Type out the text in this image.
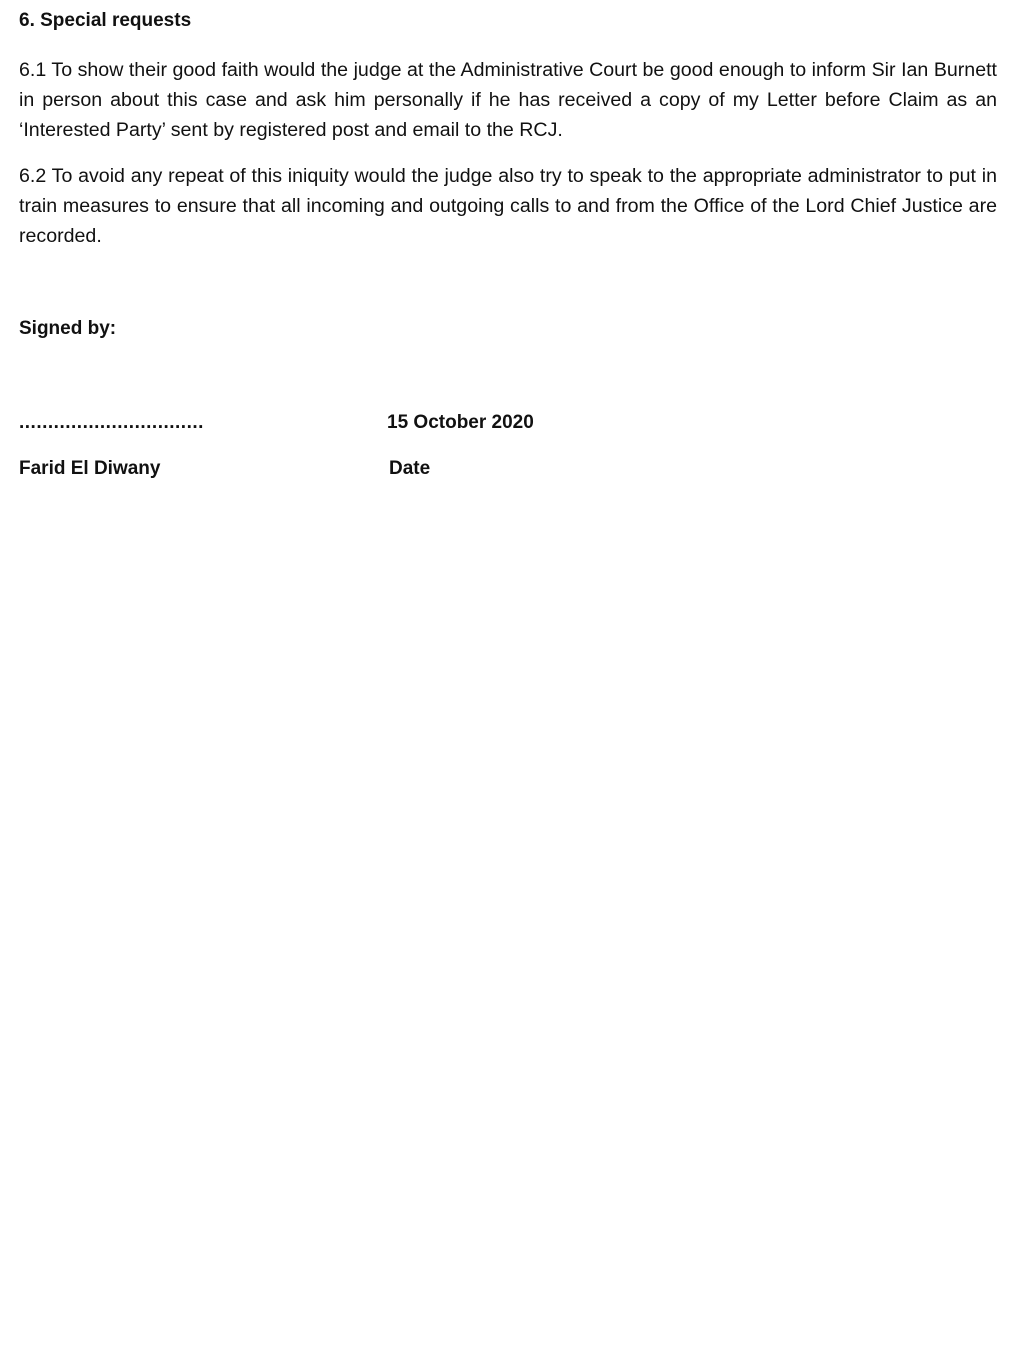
6. Special requests

6.1 To show their good faith would the judge at the Administrative Court be good enough to inform Sir Ian Burnett in person about this case and ask him personally if he has received a copy of my Letter before Claim as an ‘Interested Party’ sent by registered post and email to the RCJ.

6.2 To avoid any repeat of this iniquity would the judge also try to speak to the appropriate administrator to put in train measures to ensure that all incoming and outgoing calls to and from the Office of the Lord Chief Justice are recorded.

Signed by:
................................	15 October 2020
Farid El Diwany	Date
